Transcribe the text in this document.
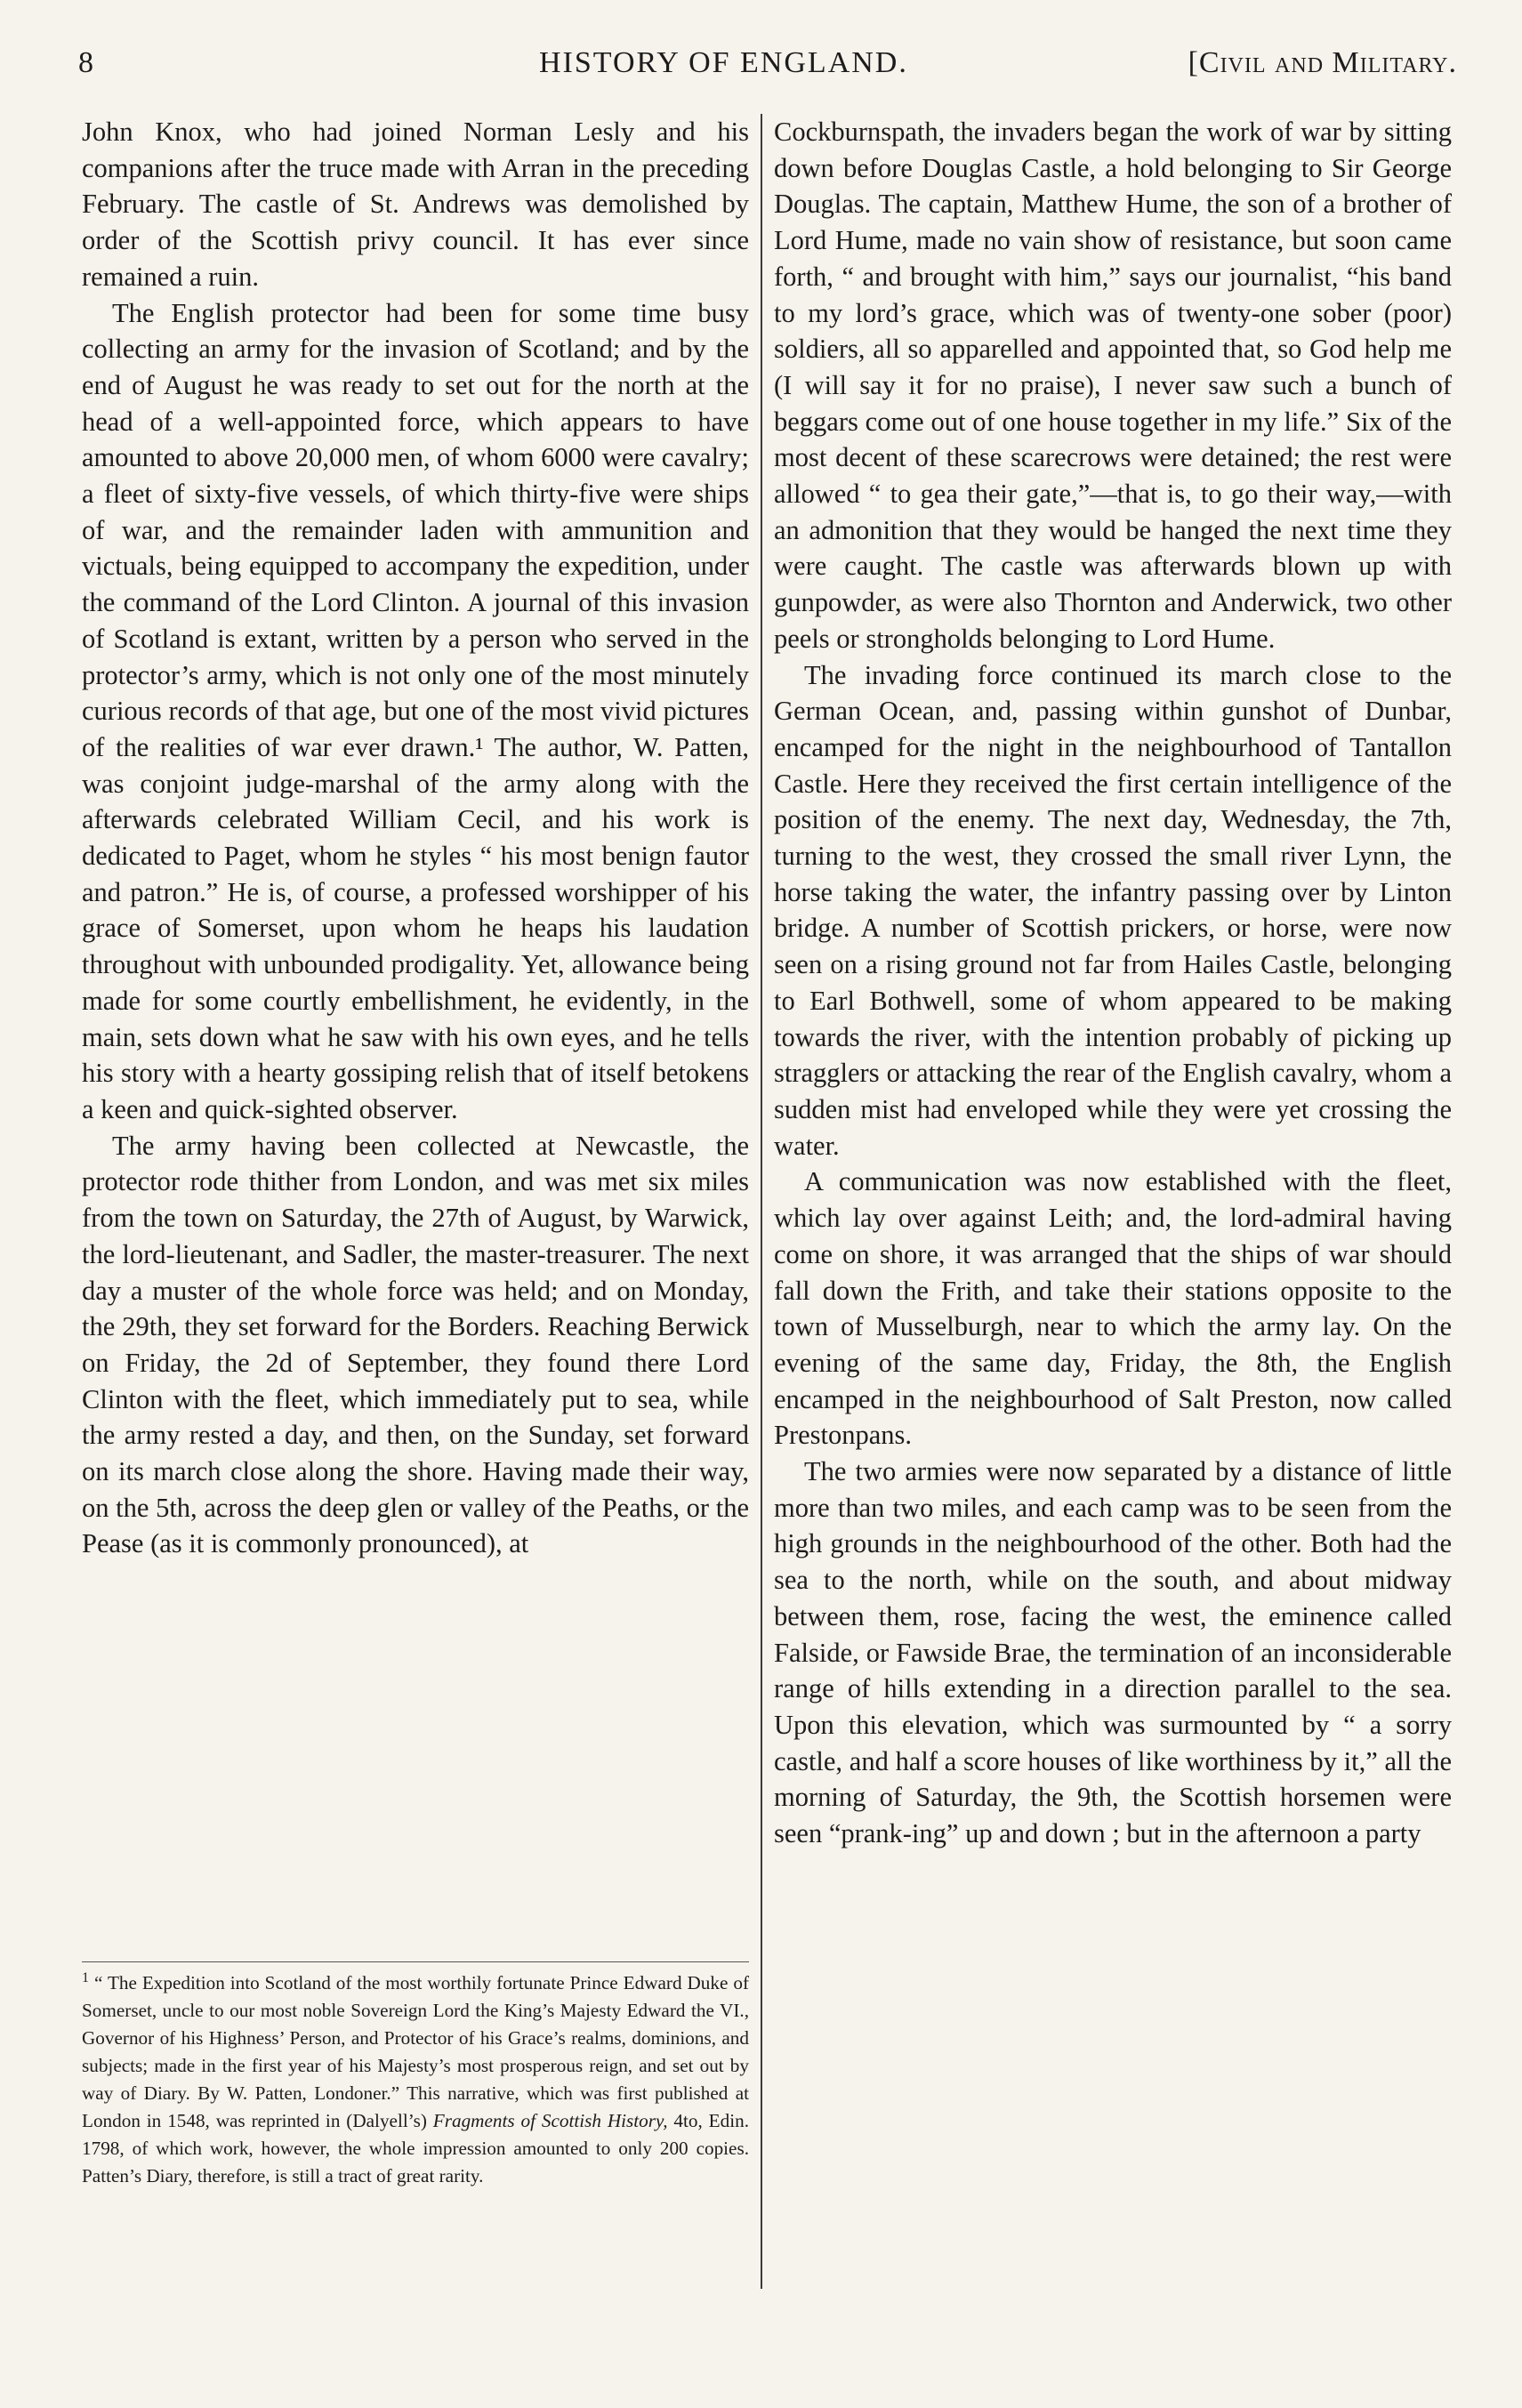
8	HISTORY OF ENGLAND.	[Civil and Military.

John Knox, who had joined Norman Lesly and his companions after the truce made with Arran in the preceding February. The castle of St. Andrews was demolished by order of the Scottish privy council. It has ever since remained a ruin.

The English protector had been for some time busy collecting an army for the invasion of Scotland; and by the end of August he was ready to set out for the north at the head of a well-appointed force, which appears to have amounted to above 20,000 men, of whom 6000 were cavalry; a fleet of sixty-five vessels, of which thirty-five were ships of war, and the remainder laden with ammunition and victuals, being equipped to accompany the expedition, under the command of the Lord Clinton. A journal of this invasion of Scotland is extant, written by a person who served in the protector’s army, which is not only one of the most minutely curious records of that age, but one of the most vivid pictures of the realities of war ever drawn.¹ The author, W. Patten, was conjoint judge-marshal of the army along with the afterwards celebrated William Cecil, and his work is dedicated to Paget, whom he styles “ his most benign fautor and patron.” He is, of course, a professed worshipper of his grace of Somerset, upon whom he heaps his laudation throughout with unbounded prodigality. Yet, allowance being made for some courtly embellishment, he evidently, in the main, sets down what he saw with his own eyes, and he tells his story with a hearty gossiping relish that of itself betokens a keen and quick-sighted observer.

The army having been collected at Newcastle, the protector rode thither from London, and was met six miles from the town on Saturday, the 27th of August, by Warwick, the lord-lieutenant, and Sadler, the master-treasurer. The next day a muster of the whole force was held; and on Monday, the 29th, they set forward for the Borders. Reaching Berwick on Friday, the 2d of September, they found there Lord Clinton with the fleet, which immediately put to sea, while the army rested a day, and then, on the Sunday, set forward on its march close along the shore. Having made their way, on the 5th, across the deep glen or valley of the Peaths, or the Pease (as it is commonly pronounced), at

Cockburnspath, the invaders began the work of war by sitting down before Douglas Castle, a hold belonging to Sir George Douglas. The captain, Matthew Hume, the son of a brother of Lord Hume, made no vain show of resistance, but soon came forth, “ and brought with him,” says our journalist, “his band to my lord’s grace, which was of twenty-one sober (poor) soldiers, all so apparelled and appointed that, so God help me (I will say it for no praise), I never saw such a bunch of beggars come out of one house together in my life.” Six of the most decent of these scarecrows were detained; the rest were allowed “ to gea their gate,”—that is, to go their way,—with an admonition that they would be hanged the next time they were caught. The castle was afterwards blown up with gunpowder, as were also Thornton and Anderwick, two other peels or strongholds belonging to Lord Hume.

The invading force continued its march close to the German Ocean, and, passing within gunshot of Dunbar, encamped for the night in the neighbourhood of Tantallon Castle. Here they received the first certain intelligence of the position of the enemy. The next day, Wednesday, the 7th, turning to the west, they crossed the small river Lynn, the horse taking the water, the infantry passing over by Linton bridge. A number of Scottish prickers, or horse, were now seen on a rising ground not far from Hailes Castle, belonging to Earl Bothwell, some of whom appeared to be making towards the river, with the intention probably of picking up stragglers or attacking the rear of the English cavalry, whom a sudden mist had enveloped while they were yet crossing the water.

A communication was now established with the fleet, which lay over against Leith; and, the lord-admiral having come on shore, it was arranged that the ships of war should fall down the Frith, and take their stations opposite to the town of Musselburgh, near to which the army lay. On the evening of the same day, Friday, the 8th, the English encamped in the neighbourhood of Salt Preston, now called Prestonpans.

The two armies were now separated by a distance of little more than two miles, and each camp was to be seen from the high grounds in the neighbourhood of the other. Both had the sea to the north, while on the south, and about midway between them, rose, facing the west, the eminence called Falside, or Fawside Brae, the termination of an inconsiderable range of hills extending in a direction parallel to the sea. Upon this elevation, which was surmounted by “ a sorry castle, and half a score houses of like worthiness by it,” all the morning of Saturday, the 9th, the Scottish horsemen were seen “prank-ing” up and down ; but in the afternoon a party

$^1$ “ The Expedition into Scotland of the most worthily fortunate Prince Edward Duke of Somerset, uncle to our most noble Sovereign Lord the King’s Majesty Edward the VI., Governor of his Highness’ Person, and Protector of his Grace’s realms, dominions, and subjects; made in the first year of his Majesty’s most prosperous reign, and set out by way of Diary. By W. Patten, Londoner.” This narrative, which was first published at London in 1548, was reprinted in (Dalyell’s) Fragments of Scottish History, 4to, Edin. 1798, of which work, however, the whole impression amounted to only 200 copies. Patten’s Diary, therefore, is still a tract of great rarity.
